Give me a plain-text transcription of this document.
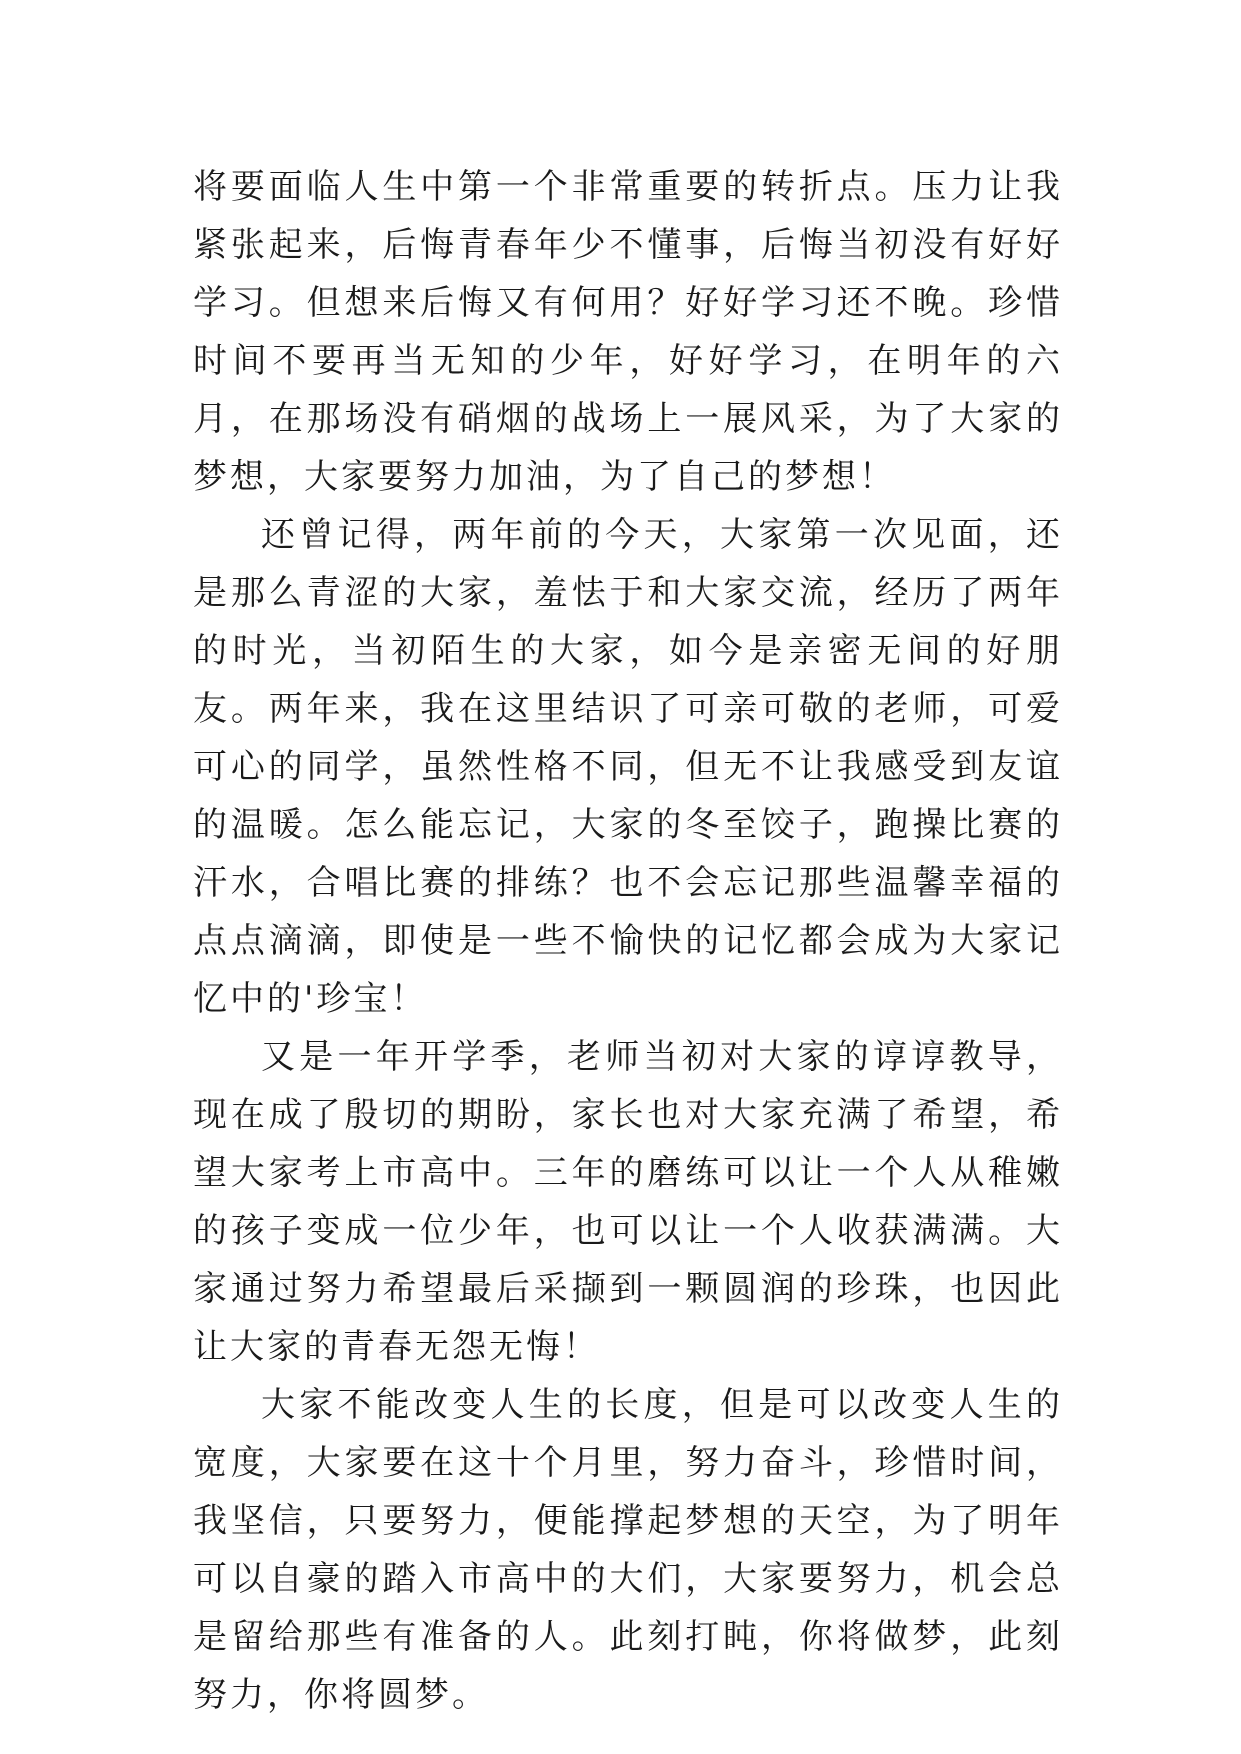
将要面临人生中第一个非常重要的转折点。压力让我紧张起来，后悔青春年少不懂事，后悔当初没有好好学习。但想来后悔又有何用？好好学习还不晚。珍惜时间不要再当无知的少年，好好学习，在明年的六月，在那场没有硝烟的战场上一展风采，为了大家的梦想，大家要努力加油，为了自己的梦想！

还曾记得，两年前的今天，大家第一次见面，还是那么青涩的大家，羞怯于和大家交流，经历了两年的时光，当初陌生的大家，如今是亲密无间的好朋友。两年来，我在这里结识了可亲可敬的老师，可爱可心的同学，虽然性格不同，但无不让我感受到友谊的温暖。怎么能忘记，大家的冬至饺子，跑操比赛的汗水，合唱比赛的排练？也不会忘记那些温馨幸福的点点滴滴，即使是一些不愉快的记忆都会成为大家记忆中的'珍宝！

又是一年开学季，老师当初对大家的谆谆教导，现在成了殷切的期盼，家长也对大家充满了希望，希望大家考上市高中。三年的磨练可以让一个人从稚嫩的孩子变成一位少年，也可以让一个人收获满满。大家通过努力希望最后采撷到一颗圆润的珍珠，也因此让大家的青春无怨无悔！

大家不能改变人生的长度，但是可以改变人生的宽度，大家要在这十个月里，努力奋斗，珍惜时间，我坚信，只要努力，便能撑起梦想的天空，为了明年可以自豪的踏入市高中的大们，大家要努力，机会总是留给那些有准备的人。此刻打盹，你将做梦，此刻努力，你将圆梦。
